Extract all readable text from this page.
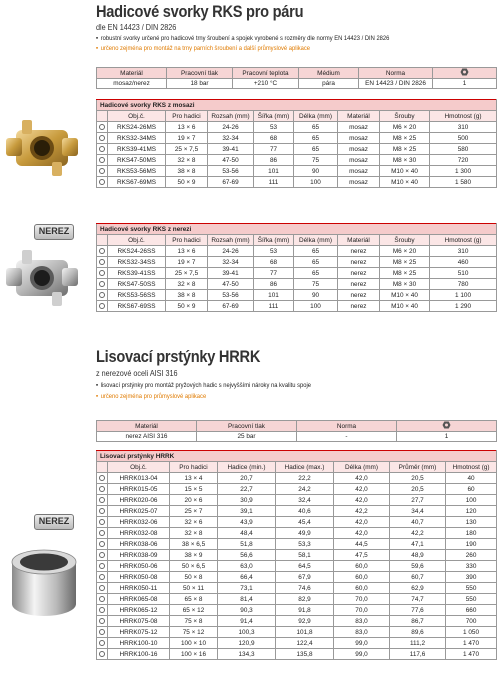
Hadicové svorky RKS pro páru
dle EN 14423 / DIN 2826
▪ robustní svorky určené pro hadicové trny šroubení a spojek vyrobené s rozměry dle normy EN 14423 / DIN 2826
▪ určeno zejména pro montáž na trny parních šroubení a další průmyslové aplikace
Materiál	Pracovní tlak	Pracovní teplota	Médium	Norma	
mosaz/nerez	18 bar	+210 °C	pára	EN 14423 / DIN 2826	1
Hadicové svorky RKS z mosazi								
	Obj.č.	Pro hadici	Rozsah (mm)	Šířka (mm)	Délka (mm)	Materiál	Šrouby	Hmotnost (g)
	RKS24-26MS	13 × 6	24-26	53	65	mosaz	M6 × 20	310
	RKS32-34MS	19 × 7	32-34	68	65	mosaz	M8 × 25	500
	RKS39-41MS	25 × 7,5	39-41	77	65	mosaz	M8 × 25	580
	RKS47-50MS	32 × 8	47-50	86	75	mosaz	M8 × 30	720
	RKS53-56MS	38 × 8	53-56	101	90	mosaz	M10 × 40	1 300
	RKS67-69MS	50 × 9	67-69	111	100	mosaz	M10 × 40	1 580
NEREZ	Hadicové svorky RKS z nerezi								
	Obj.č.	Pro hadici	Rozsah (mm)	Šířka (mm)	Délka (mm)	Materiál	Šrouby	Hmotnost (g)
	RKS24-26SS	13 × 6	24-26	53	65	nerez	M6 × 20	310
	RKS32-34SS	19 × 7	32-34	68	65	nerez	M8 × 25	460
	RKS39-41SS	25 × 7,5	39-41	77	65	nerez	M8 × 25	510
	RKS47-50SS	32 × 8	47-50	86	75	nerez	M8 × 30	780
	RKS53-56SS	38 × 8	53-56	101	90	nerez	M10 × 40	1 100
	RKS67-69SS	50 × 9	67-69	111	100	nerez	M10 × 40	1 290
Lisovací prstýnky HRRK
z nerezové oceli AISI 316
▪ lisovací prstýnky pro montáž pryžových hadic s nejvyššími nároky na kvalitu spoje
▪ určeno zejména pro průmyslové aplikace
Materiál	Pracovní tlak	Norma	
nerez AISI 316	25 bar	-	1
NEREZ
Lisovací prstýnky HRRK							
	Obj.č.	Pro hadici	Hadice (min.)	Hadice (max.)	Délka (mm)	Průměr (mm)	Hmotnost (g)
	HRRK013-04	13 × 4	20,7	22,2	42,0	20,5	40
	HRRK015-05	15 × 5	22,7	24,2	42,0	20,5	60
	HRRK020-06	20 × 6	30,9	32,4	42,0	27,7	100
	HRRK025-07	25 × 7	39,1	40,6	42,2	34,4	120
	HRRK032-06	32 × 6	43,9	45,4	42,0	40,7	130
	HRRK032-08	32 × 8	48,4	49,9	42,0	42,2	180
	HRRK038-06	38 × 6,5	51,8	53,3	44,5	47,1	190
	HRRK038-09	38 × 9	56,6	58,1	47,5	48,9	260
	HRRK050-06	50 × 6,5	63,0	64,5	60,0	59,6	330
	HRRK050-08	50 × 8	66,4	67,9	60,0	60,7	390
	HRRK050-11	50 × 11	73,1	74,6	60,0	62,9	550
	HRRK065-08	65 × 8	81,4	82,9	70,0	74,7	550
	HRRK065-12	65 × 12	90,3	91,8	70,0	77,6	660
	HRRK075-08	75 × 8	91,4	92,9	83,0	86,7	700
	HRRK075-12	75 × 12	100,3	101,8	83,0	89,6	1 050
	HRRK100-10	100 × 10	120,9	122,4	99,0	111,2	1 470
	HRRK100-16	100 × 16	134,3	135,8	99,0	117,6	1 470
